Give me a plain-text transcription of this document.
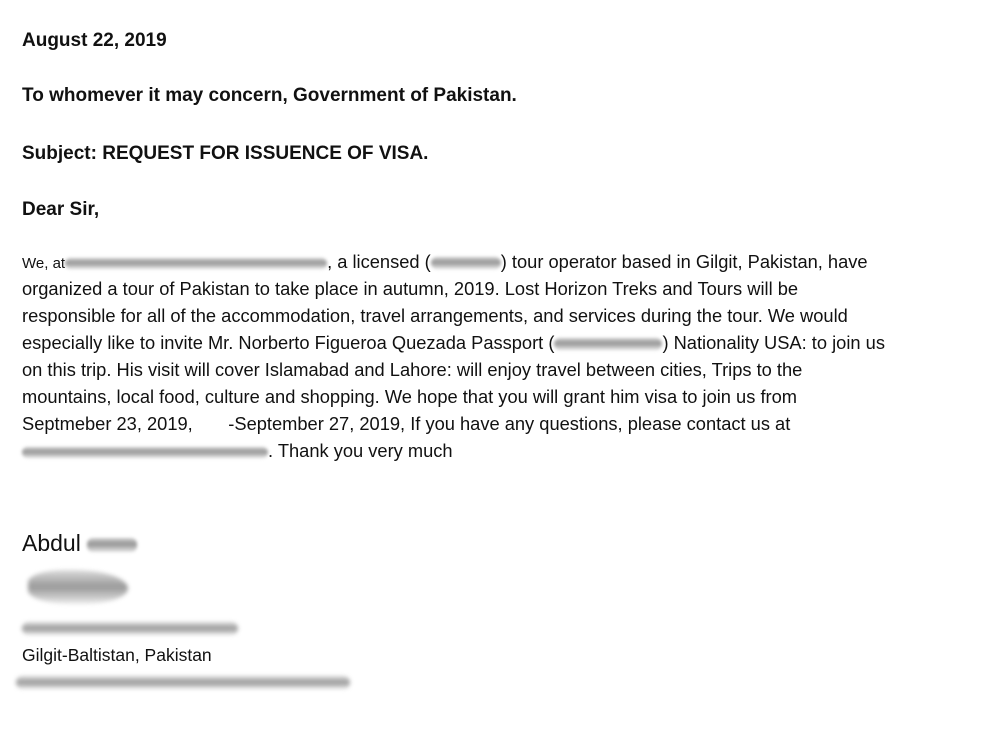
August 22, 2019
To whomever it may concern, Government of Pakistan.
Subject: REQUEST FOR ISSUENCE OF VISA.
Dear Sir,
We, at	, a licensed (	) tour operator based in Gilgit, Pakistan, have
organized a tour of Pakistan to take place in autumn, 2019. Lost Horizon Treks and Tours will be
responsible for all of the accommodation, travel arrangements, and services during the tour. We would
especially like to invite Mr. Norberto Figueroa Quezada Passport (	) Nationality USA: to join us
on this trip. His visit will cover Islamabad and Lahore: will enjoy travel between cities, Trips to the
mountains, local food, culture and shopping. We hope that you will grant him visa to join us from
Septmeber 23, 2019,       -September 27, 2019, If you have any questions, please contact us at
. Thank you very much
Abdul
Gilgit-Baltistan, Pakistan
